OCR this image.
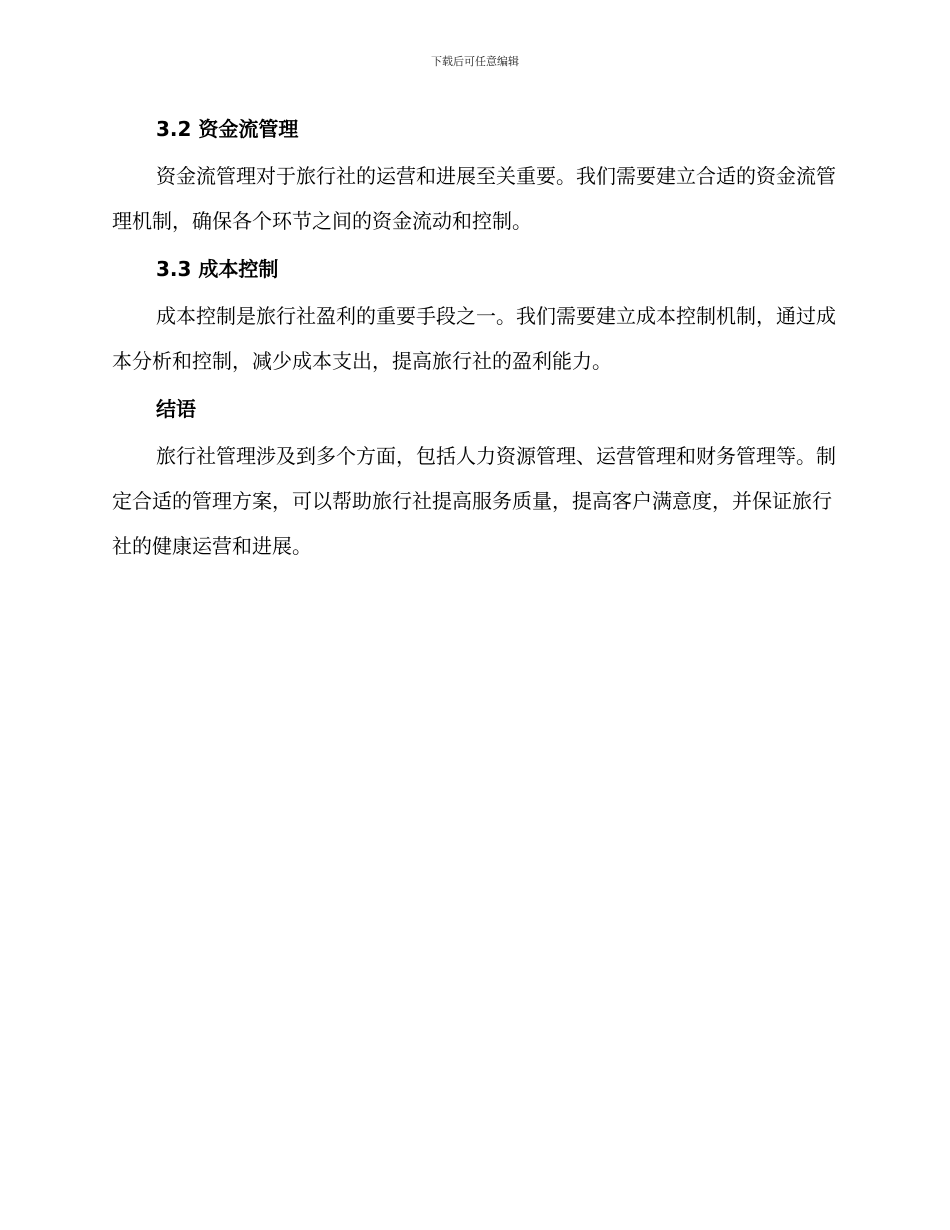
下载后可任意编辑
3.2 资金流管理

资金流管理对于旅行社的运营和进展至关重要。我们需要建立合适的资金流管理机制，确保各个环节之间的资金流动和控制。

3.3 成本控制

成本控制是旅行社盈利的重要手段之一。我们需要建立成本控制机制，通过成本分析和控制，减少成本支出，提高旅行社的盈利能力。

结语

旅行社管理涉及到多个方面，包括人力资源管理、运营管理和财务管理等。制定合适的管理方案，可以帮助旅行社提高服务质量，提高客户满意度，并保证旅行社的健康运营和进展。
